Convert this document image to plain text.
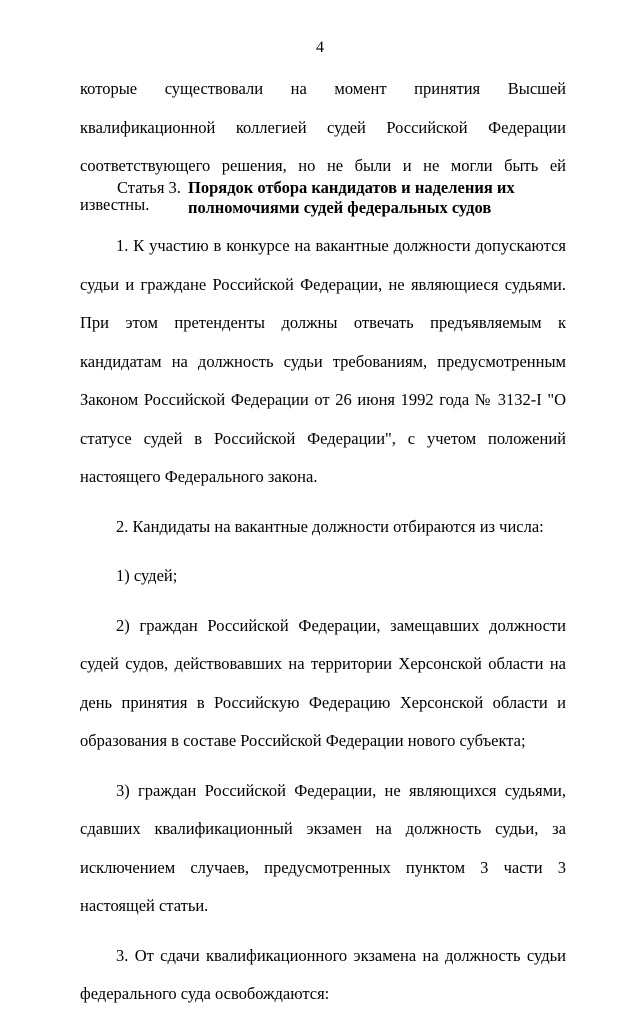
4

которые существовали на момент принятия Высшей квалификационной коллегией судей Российской Федерации соответствующего решения, но не были и не могли быть ей известны.

Статья 3. Порядок отбора кандидатов и наделения их
полномочиями судей федеральных судов

1. К участию в конкурсе на вакантные должности допускаются судьи и граждане Российской Федерации, не являющиеся судьями. При этом претенденты должны отвечать предъявляемым к кандидатам на должность судьи требованиям, предусмотренным Законом Российской Федерации от 26 июня 1992 года № 3132-I "О статусе судей в Российской Федерации", с учетом положений настоящего Федерального закона.

2. Кандидаты на вакантные должности отбираются из числа:

1) судей;

2) граждан Российской Федерации, замещавших должности судей судов, действовавших на территории Херсонской области на день принятия в Российскую Федерацию Херсонской области и образования в составе Российской Федерации нового субъекта;

3) граждан Российской Федерации, не являющихся судьями, сдавших квалификационный экзамен на должность судьи, за исключением случаев, предусмотренных пунктом 3 части 3 настоящей статьи.

3. От сдачи квалификационного экзамена на должность судьи федерального суда освобождаются:
